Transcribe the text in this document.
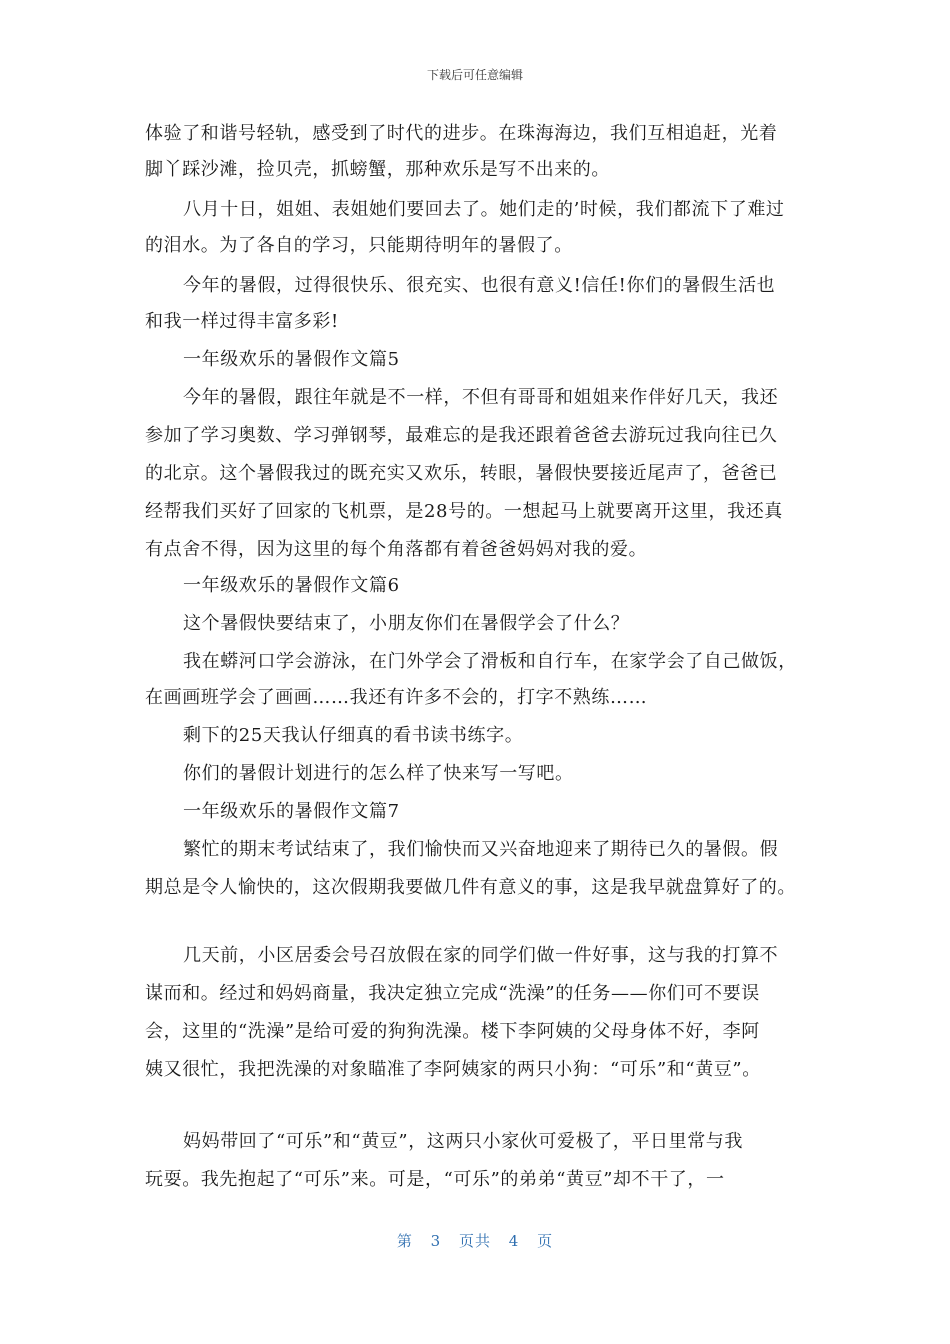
下载后可任意编辑
体验了和谐号轻轨，感受到了时代的进步。在珠海海边，我们互相追赶，光着
脚丫踩沙滩，捡贝壳，抓螃蟹，那种欢乐是写不出来的。
八月十日，姐姐、表姐她们要回去了。她们走的’时候，我们都流下了难过
的泪水。为了各自的学习，只能期待明年的暑假了。
今年的暑假，过得很快乐、很充实、也很有意义!信任!你们的暑假生活也
和我一样过得丰富多彩!
一年级欢乐的暑假作文篇5
今年的暑假，跟往年就是不一样，不但有哥哥和姐姐来作伴好几天，我还
参加了学习奥数、学习弹钢琴，最难忘的是我还跟着爸爸去游玩过我向往已久
的北京。这个暑假我过的既充实又欢乐，转眼，暑假快要接近尾声了，爸爸已
经帮我们买好了回家的飞机票，是28号的。一想起马上就要离开这里，我还真
有点舍不得，因为这里的每个角落都有着爸爸妈妈对我的爱。
一年级欢乐的暑假作文篇6
这个暑假快要结束了，小朋友你们在暑假学会了什么？
我在蟒河口学会游泳，在门外学会了滑板和自行车，在家学会了自己做饭，
在画画班学会了画画……我还有许多不会的，打字不熟练……
剩下的25天我认仔细真的看书读书练字。
你们的暑假计划进行的怎么样了快来写一写吧。
一年级欢乐的暑假作文篇7
繁忙的期末考试结束了，我们愉快而又兴奋地迎来了期待已久的暑假。假
期总是令人愉快的，这次假期我要做几件有意义的事，这是我早就盘算好了的。
几天前，小区居委会号召放假在家的同学们做一件好事，这与我的打算不
谋而和。经过和妈妈商量，我决定独立完成“洗澡”的任务——你们可不要误
会，这里的“洗澡”是给可爱的狗狗洗澡。楼下李阿姨的父母身体不好，李阿
姨又很忙，我把洗澡的对象瞄准了李阿姨家的两只小狗：“可乐”和“黄豆”。
妈妈带回了“可乐”和“黄豆”，这两只小家伙可爱极了，平日里常与我
玩耍。我先抱起了“可乐”来。可是，“可乐”的弟弟“黄豆”却不干了，一
第 3 页共 4 页
